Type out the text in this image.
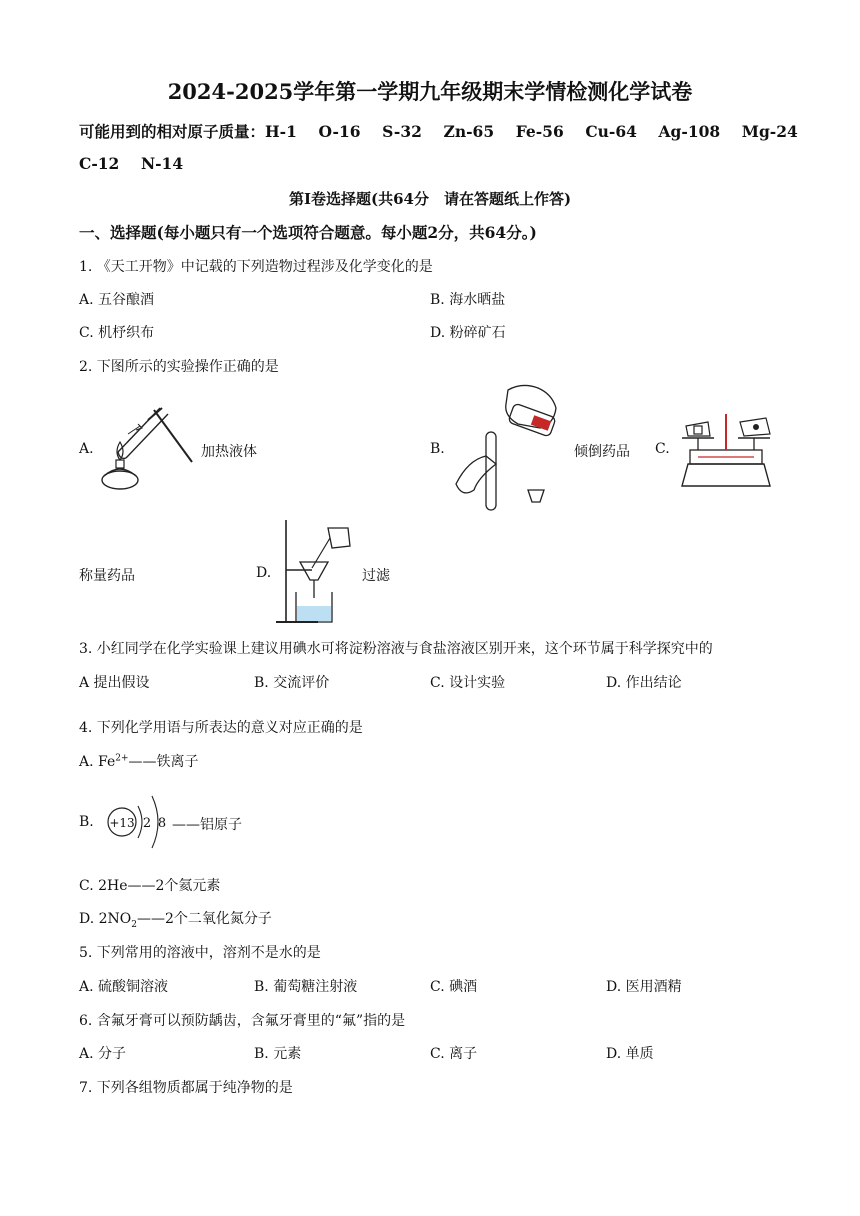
2024-2025学年第一学期九年级期末学情检测化学试卷
可能用到的相对原子质量：H-1 O-16 S-32 Zn-65 Fe-56 Cu-64 Ag-108 Mg-24
C-12 N-14
第Ⅰ卷选择题(共64分　请在答题纸上作答)
一、选择题(每小题只有一个选项符合题意。每小题2分，共64分。)
1. 《天工开物》中记载的下列造物过程涉及化学变化的是
A. 五谷酿酒	B. 海水晒盐
C. 机杼织布	D. 粉碎矿石
2. 下图所示的实验操作正确的是
A.	加热液体	B.	倾倒药品 C.
称量药品	D.	过滤
3. 小红同学在化学实验课上建议用碘水可将淀粉溶液与食盐溶液区别开来，这个环节属于科学探究中的
A 提出假设	B. 交流评价	C. 设计实验	D. 作出结论
4. 下列化学用语与所表达的意义对应正确的是
A. $Fe^{2+}——$铁离子
B. +13 2 8 ——铝原子
C. 2He——2个氦元素
D. $2NO_2——2$个二氧化氮分子
5. 下列常用的溶液中，溶剂不是水的是
A. 硫酸铜溶液	B. 葡萄糖注射液	C. 碘酒	D. 医用酒精
6. 含氟牙膏可以预防龋齿，含氟牙膏里的“氟”指的是
A. 分子	B. 元素	C. 离子	D. 单质
7. 下列各组物质都属于纯净物的是
